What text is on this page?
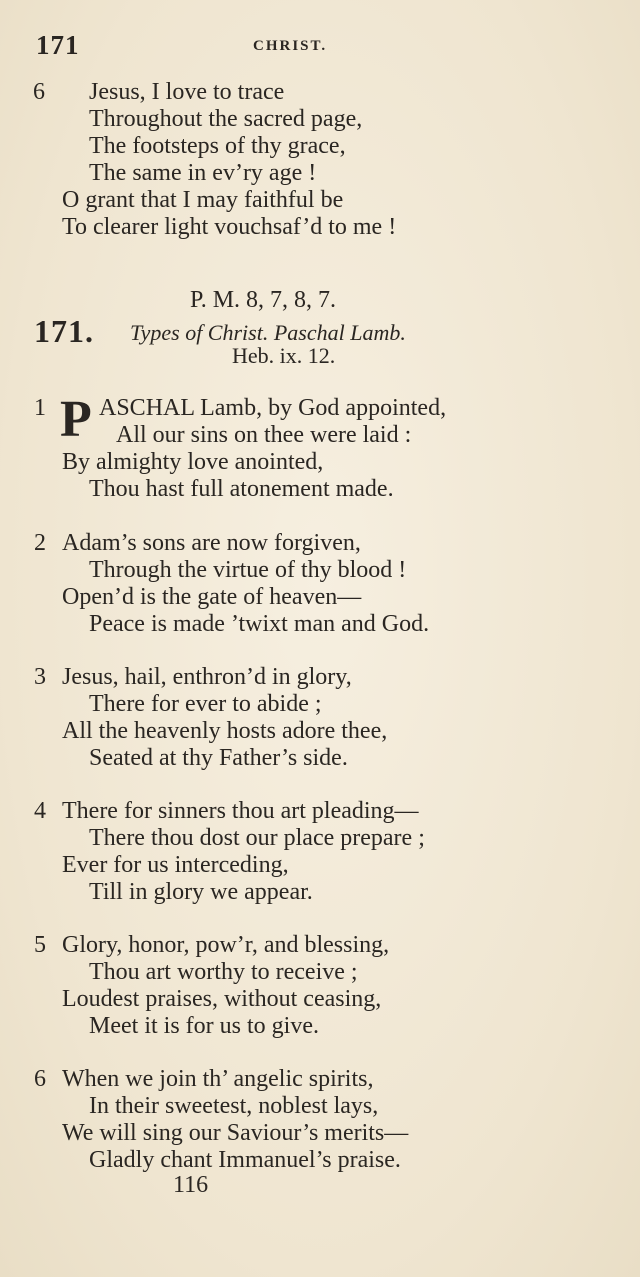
171	CHRIST.
6 Jesus, I love to trace
Throughout the sacred page,
The footsteps of thy grace,
The same in ev’ry age !
O grant that I may faithful be
To clearer light vouchsaf’d to me !
P. M. 8, 7, 8, 7.
171. Types of Christ. Paschal Lamb.
Heb. ix. 12.
1 P ASCHAL Lamb, by God appointed,
All our sins on thee were laid :
By almighty love anointed,
Thou hast full atonement made.
2 Adam’s sons are now forgiven,
Through the virtue of thy blood !
Open’d is the gate of heaven—
Peace is made ’twixt man and God.
3 Jesus, hail, enthron’d in glory,
There for ever to abide ;
All the heavenly hosts adore thee,
Seated at thy Father’s side.
4 There for sinners thou art pleading—
There thou dost our place prepare ;
Ever for us interceding,
Till in glory we appear.
5 Glory, honor, pow’r, and blessing,
Thou art worthy to receive ;
Loudest praises, without ceasing,
Meet it is for us to give.
6 When we join th’ angelic spirits,
In their sweetest, noblest lays,
We will sing our Saviour’s merits—
Gladly chant Immanuel’s praise.
116
